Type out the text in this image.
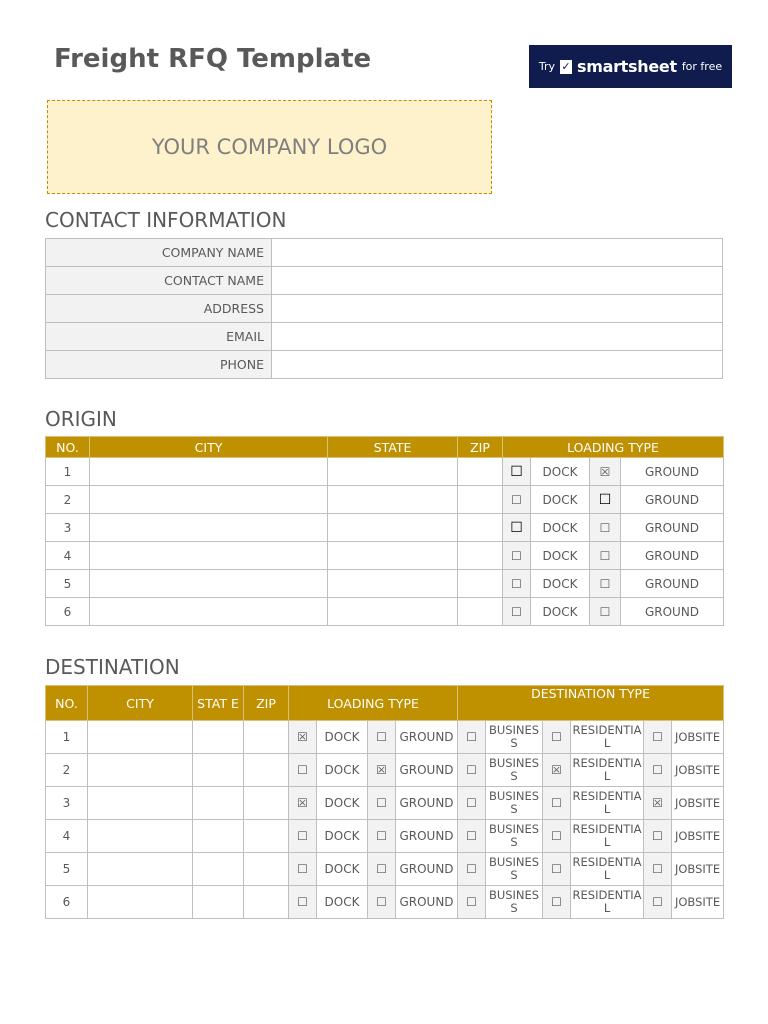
Freight RFQ Template	Try ✓ smartsheet for free
YOUR COMPANY LOGO
CONTACT INFORMATION
COMPANY NAME	
CONTACT NAME	
ADDRESS	
EMAIL	
PHONE	
ORIGIN
NO.	CITY	STATE	ZIP	LOADING TYPE			
1				☐	DOCK	☒	GROUND
2				☐	DOCK	☐	GROUND
3				☐	DOCK	☐	GROUND
4				☐	DOCK	☐	GROUND
5				☐	DOCK	☐	GROUND
6				☐	DOCK	☐	GROUND
DESTINATION
NO.	CITY	STAT E	ZIP	LOADING TYPE				DESTINATION TYPE					
1				☒	DOCK	☐	GROUND	☐	BUSINESS	☐	RESIDENTIAL	☐	JOBSITE
2				☐	DOCK	☒	GROUND	☐	BUSINESS	☒	RESIDENTIAL	☐	JOBSITE
3				☒	DOCK	☐	GROUND	☐	BUSINESS	☐	RESIDENTIAL	☒	JOBSITE
4				☐	DOCK	☐	GROUND	☐	BUSINESS	☐	RESIDENTIAL	☐	JOBSITE
5				☐	DOCK	☐	GROUND	☐	BUSINESS	☐	RESIDENTIAL	☐	JOBSITE
6				☐	DOCK	☐	GROUND	☐	BUSINESS	☐	RESIDENTIAL	☐	JOBSITE
